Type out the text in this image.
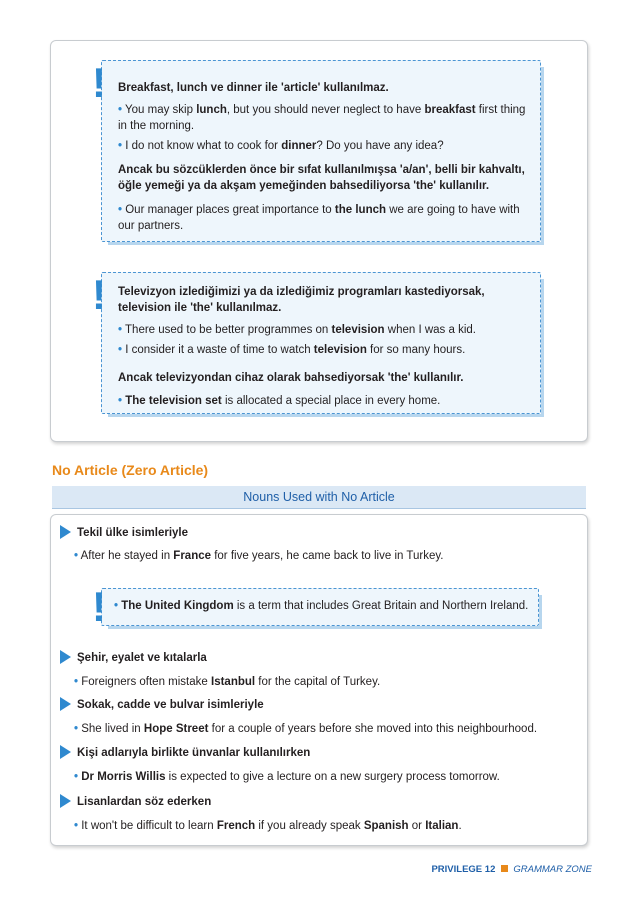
! Breakfast, lunch ve dinner ile 'article' kullanılmaz.
• You may skip lunch, but you should never neglect to have breakfast first thing in the morning.
• I do not know what to cook for dinner? Do you have any idea?
Ancak bu sözcüklerden önce bir sıfat kullanılmışsa 'a/an', belli bir kahvaltı, öğle yemeği ya da akşam yemeğinden bahsediliyorsa 'the' kullanılır.
• Our manager places great importance to the lunch we are going to have with our partners.
! Televizyon izlediğimizi ya da izlediğimiz programları kastediyorsak, television ile 'the' kullanılmaz.
• There used to be better programmes on television when I was a kid.
• I consider it a waste of time to watch television for so many hours.
Ancak televizyondan cihaz olarak bahsediyorsak 'the' kullanılır.
• The television set is allocated a special place in every home.
No Article (Zero Article)
Nouns Used with No Article
Tekil ülke isimleriyle
• After he stayed in France for five years, he came back to live in Turkey.
! • The United Kingdom is a term that includes Great Britain and Northern Ireland.
Şehir, eyalet ve kıtalarla
• Foreigners often mistake Istanbul for the capital of Turkey.
Sokak, cadde ve bulvar isimleriyle
• She lived in Hope Street for a couple of years before she moved into this neighbourhood.
Kişi adlarıyla birlikte ünvanlar kullanılırken
• Dr Morris Willis is expected to give a lecture on a new surgery process tomorrow.
Lisanlardan söz ederken
• It won't be difficult to learn French if you already speak Spanish or Italian.
PRIVILEGE 12 GRAMMAR ZONE
